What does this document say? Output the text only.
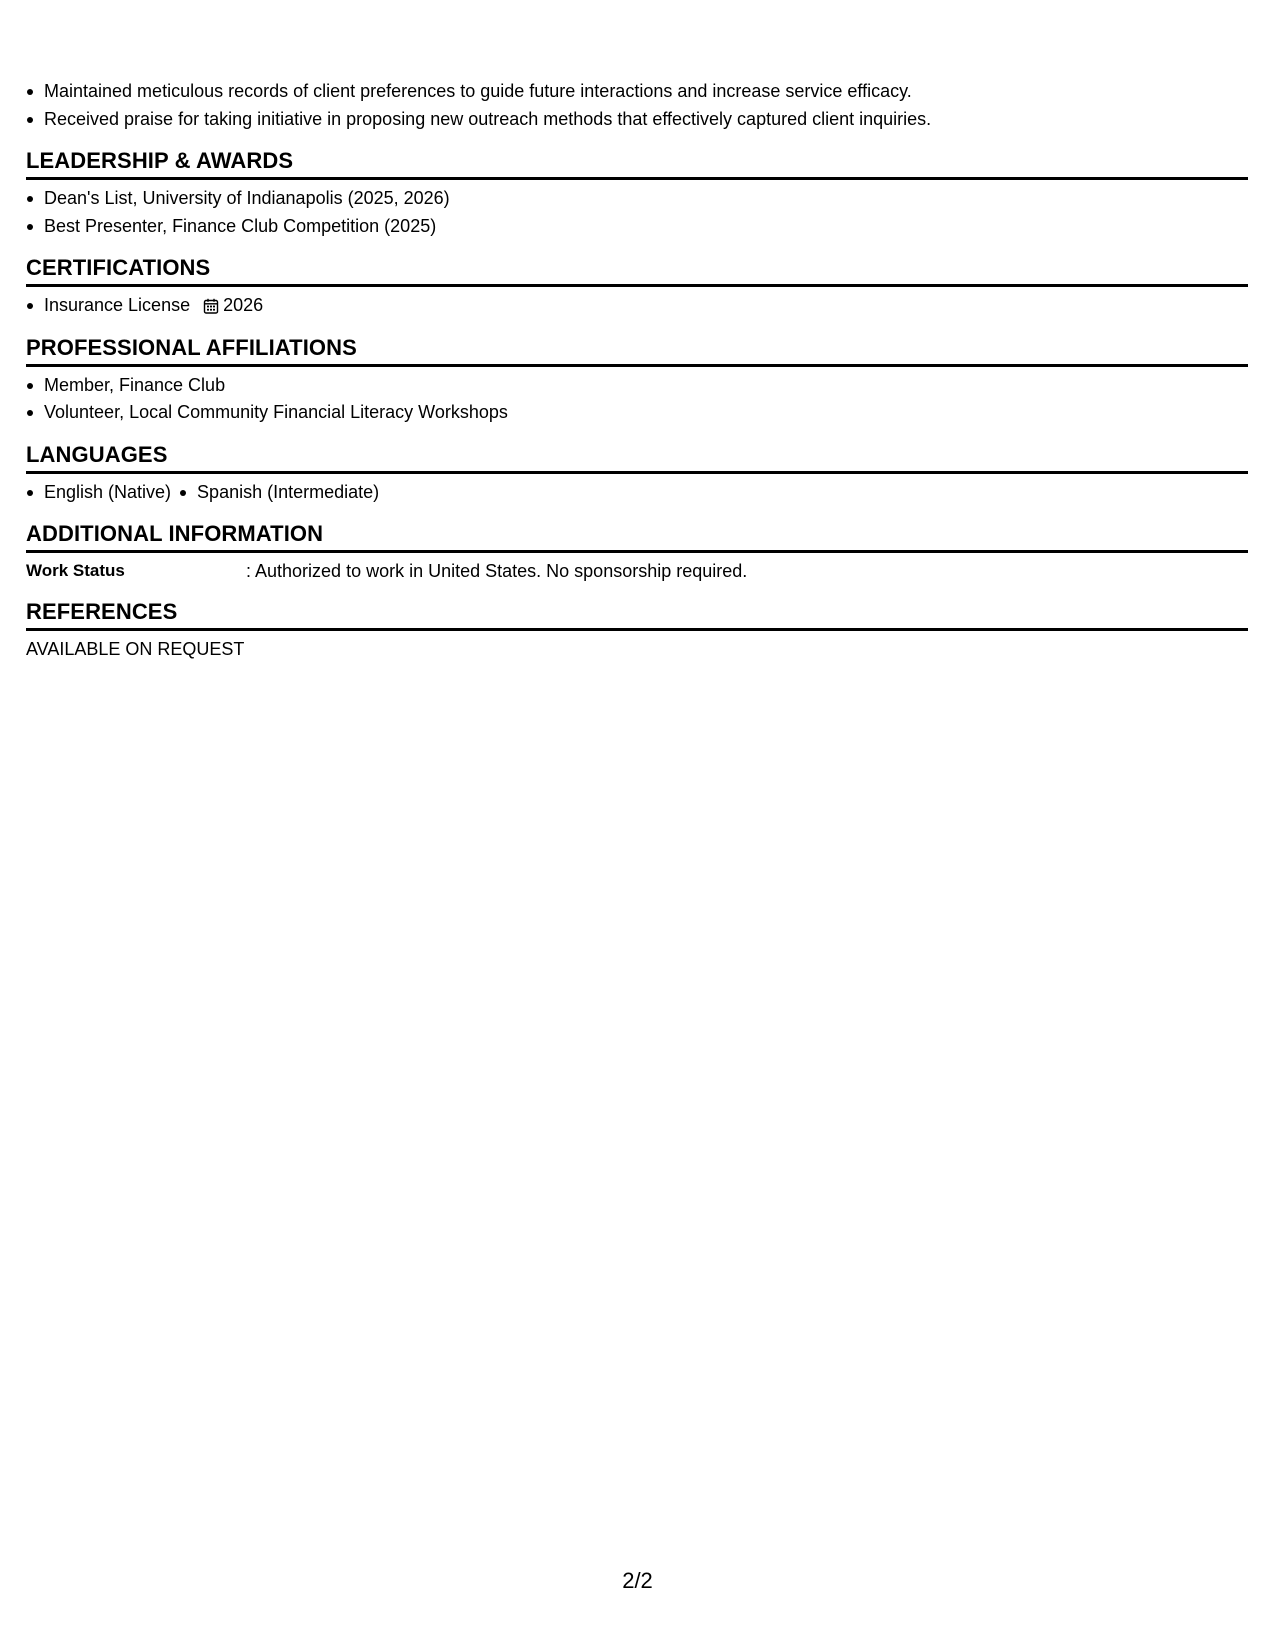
Maintained meticulous records of client preferences to guide future interactions and increase service efficacy.
Received praise for taking initiative in proposing new outreach methods that effectively captured client inquiries.
LEADERSHIP & AWARDS
Dean's List, University of Indianapolis (2025, 2026)
Best Presenter, Finance Club Competition (2025)
CERTIFICATIONS
Insurance License 2026
PROFESSIONAL AFFILIATIONS
Member, Finance Club
Volunteer, Local Community Financial Literacy Workshops
LANGUAGES
English (Native) Spanish (Intermediate)
ADDITIONAL INFORMATION
Work Status	: Authorized to work in United States. No sponsorship required.
REFERENCES
AVAILABLE ON REQUEST
2/2
